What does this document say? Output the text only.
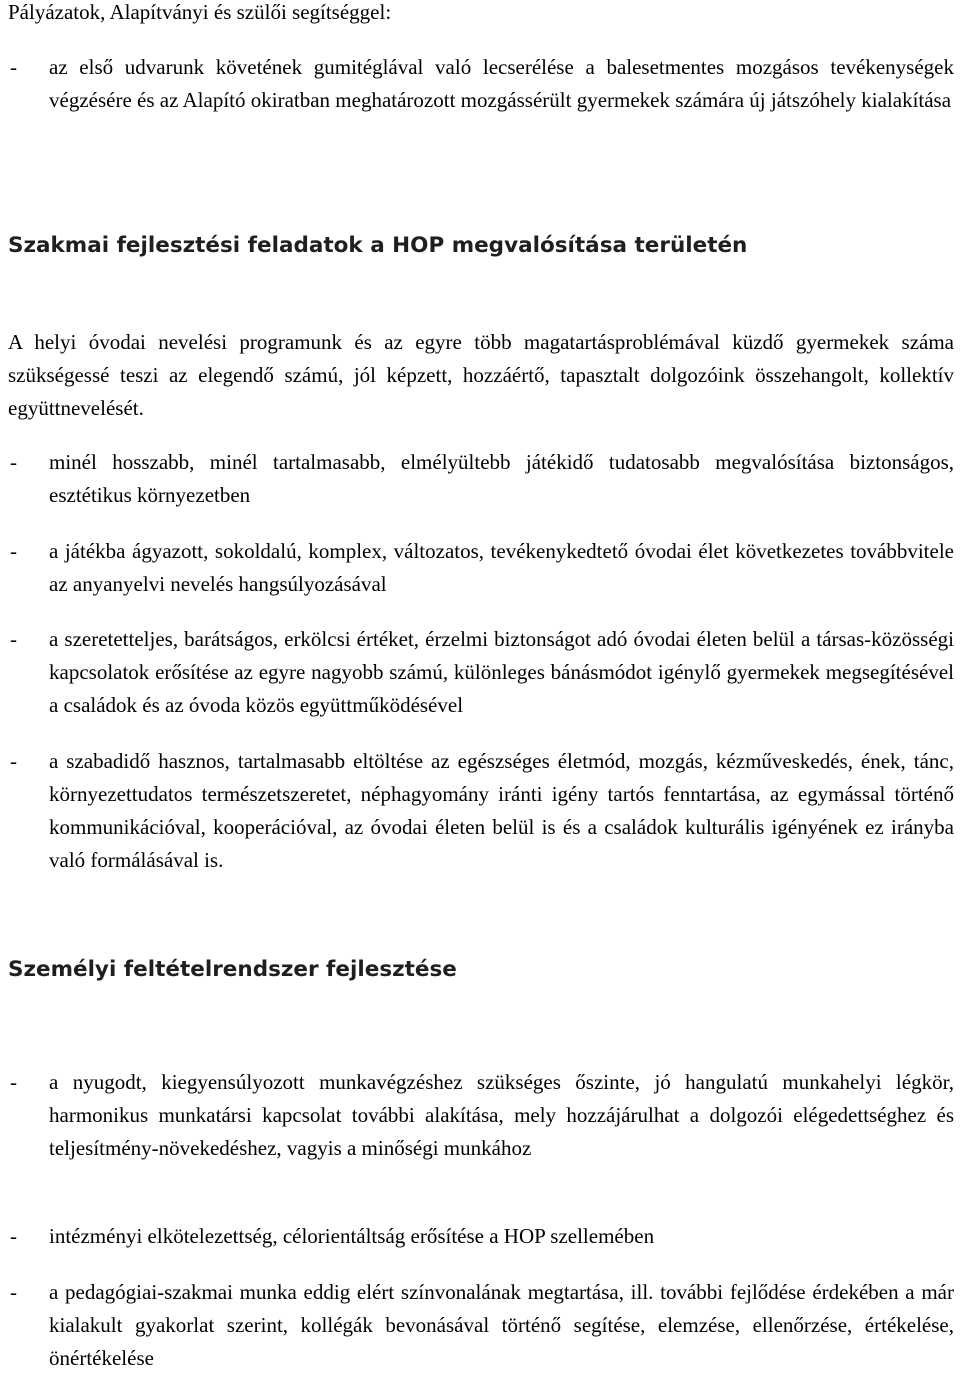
Pályázatok, Alapítványi és szülői segítséggel:

- az első udvarunk követének gumitéglával való lecserélése a balesetmentes mozgásos tevékenységek végzésére és az Alapító okiratban meghatározott mozgássérült gyermekek számára új játszóhely kialakítása
Szakmai fejlesztési feladatok a HOP megvalósítása területén

A helyi óvodai nevelési programunk és az egyre több magatartásproblémával küzdő gyermekek száma szükségessé teszi az elegendő számú, jól képzett, hozzáértő, tapasztalt dolgozóink összehangolt, kollektív együttnevelését.

- minél hosszabb, minél tartalmasabb, elmélyültebb játékidő tudatosabb megvalósítása biztonságos, esztétikus környezetben
- a játékba ágyazott, sokoldalú, komplex, változatos, tevékenykedtető óvodai élet következetes továbbvitele az anyanyelvi nevelés hangsúlyozásával
- a szeretetteljes, barátságos, erkölcsi értéket, érzelmi biztonságot adó óvodai életen belül a társas-közösségi kapcsolatok erősítése az egyre nagyobb számú, különleges bánásmódot igénylő gyermekek megsegítésével a családok és az óvoda közös együttműködésével
- a szabadidő hasznos, tartalmasabb eltöltése az egészséges életmód, mozgás, kézműveskedés, ének, tánc, környezettudatos természetszeretet, néphagyomány iránti igény tartós fenntartása, az egymással történő kommunikációval, kooperációval, az óvodai életen belül is és a családok kulturális igényének ez irányba való formálásával is.
Személyi feltételrendszer fejlesztése
- a nyugodt, kiegyensúlyozott munkavégzéshez szükséges őszinte, jó hangulatú munkahelyi légkör, harmonikus munkatársi kapcsolat további alakítása, mely hozzájárulhat a dolgozói elégedettséghez és teljesítmény-növekedéshez, vagyis a minőségi munkához
- intézményi elkötelezettség, célorientáltság erősítése a HOP szellemében
- a pedagógiai-szakmai munka eddig elért színvonalának megtartása, ill. további fejlődése érdekében a már kialakult gyakorlat szerint, kollégák bevonásával történő segítése, elemzése, ellenőrzése, értékelése, önértékelése
